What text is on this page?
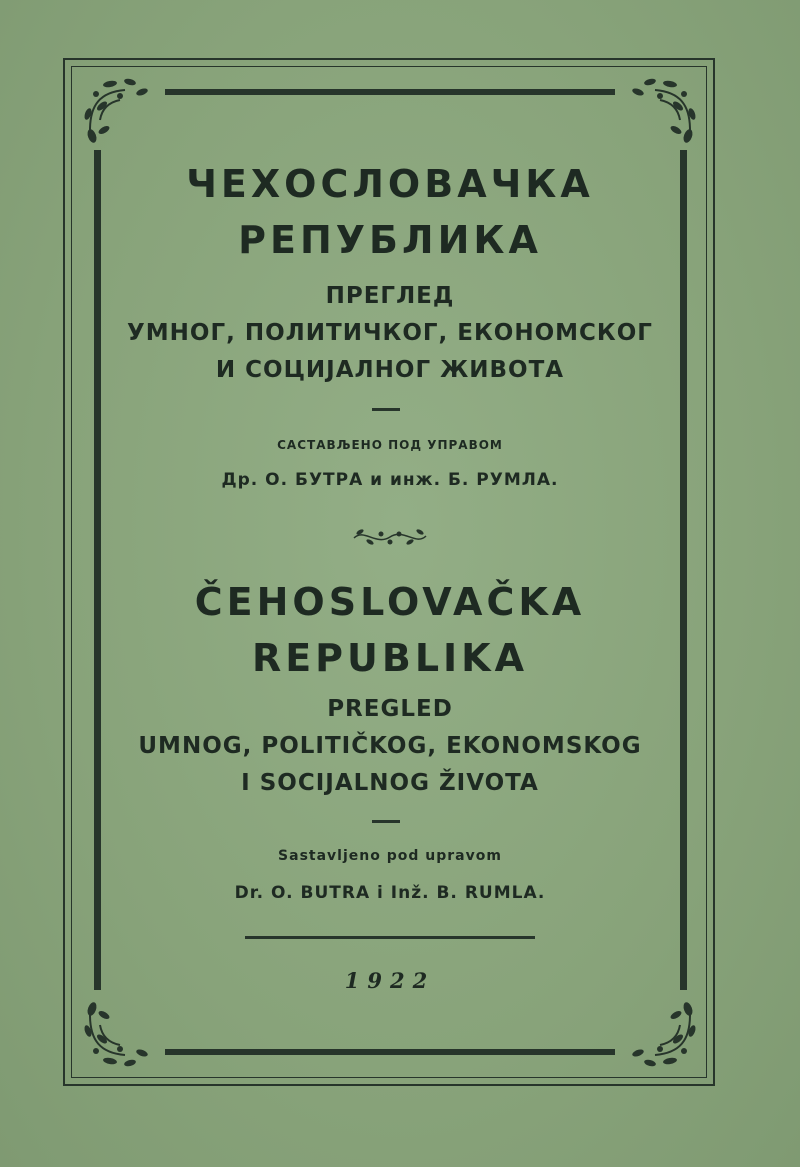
ЧЕХОСЛОВАЧКА
РЕПУБЛИКА
ПРЕГЛЕД
УМНОГ, ПОЛИТИЧКОГ, ЕКОНОМСКОГ
И СОЦИЈАЛНОГ ЖИВОТА
САСТАВЉЕНО ПОД УПРАВОМ
Др. О. БУТРА и инж. Б. РУМЛА.
ČEHOSLOVAČKA
REPUBLIKA
PREGLED
UMNOG, POLITIČKOG, EKONOMSKOG
I SOCIJALNOG ŽIVOTA
Sastavljeno pod upravom
Dr. O. BUTRA i Inž. B. RUMLA.
1922
